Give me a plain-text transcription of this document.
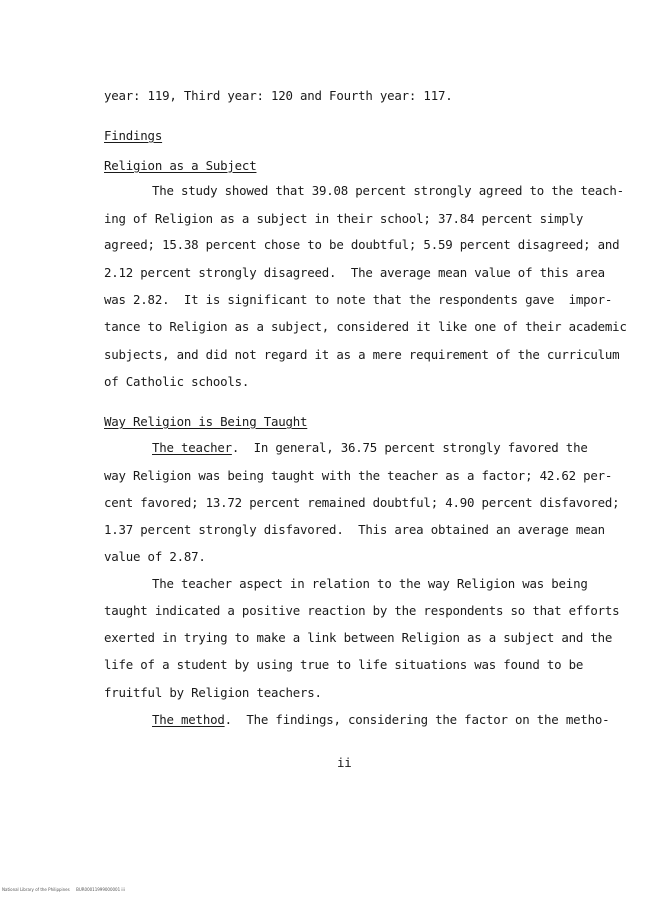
year: 119, Third year: 120 and Fourth year: 117.
Findings
Religion as a Subject
The study showed that 39.08 percent strongly agreed to the teach-
ing of Religion as a subject in their school; 37.84 percent simply
agreed; 15.38 percent chose to be doubtful; 5.59 percent disagreed; and
2.12 percent strongly disagreed.  The average mean value of this area
was 2.82.  It is significant to note that the respondents gave  impor-
tance to Religion as a subject, considered it like one of their academic
subjects, and did not regard it as a mere requirement of the curriculum
of Catholic schools.
Way Religion is Being Taught
The teacher.  In general, 36.75 percent strongly favored the
way Religion was being taught with the teacher as a factor; 42.62 per-
cent favored; 13.72 percent remained doubtful; 4.90 percent disfavored;
1.37 percent strongly disfavored.  This area obtained an average mean
value of 2.87.
The teacher aspect in relation to the way Religion was being
taught indicated a positive reaction by the respondents so that efforts
exerted in trying to make a link between Religion as a subject and the
life of a student by using true to life situations was found to be
fruitful by Religion teachers.
The method.  The findings, considering the factor on the metho-
ii
National Library of the Philippines     BUR00011999000001 iii
